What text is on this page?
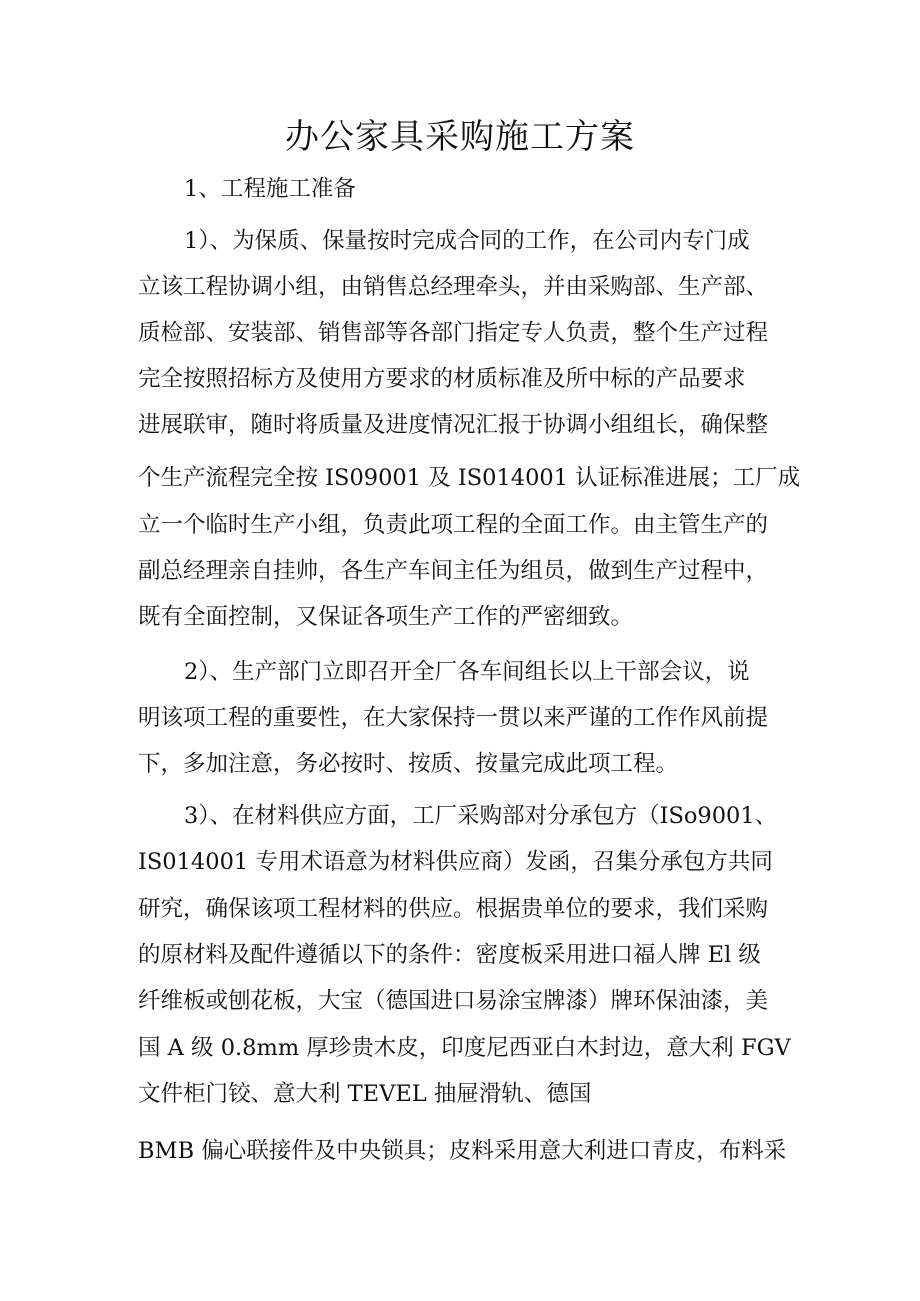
办公家具采购施工方案

1、工程施工准备

1）、为保质、保量按时完成合同的工作，在公司内专门成

立该工程协调小组，由销售总经理牵头，并由采购部、生产部、

质检部、安装部、销售部等各部门指定专人负责，整个生产过程

完全按照招标方及使用方要求的材质标准及所中标的产品要求

进展联审，随时将质量及进度情况汇报于协调小组组长，确保整

个生产流程完全按 IS09001 及 IS014001 认证标准进展；工厂成

立一个临时生产小组，负责此项工程的全面工作。由主管生产的

副总经理亲自挂帅，各生产车间主任为组员，做到生产过程中，

既有全面控制，又保证各项生产工作的严密细致。

2）、生产部门立即召开全厂各车间组长以上干部会议，说

明该项工程的重要性，在大家保持一贯以来严谨的工作作风前提

下，多加注意，务必按时、按质、按量完成此项工程。

3）、在材料供应方面，工厂采购部对分承包方（ISo9001、

IS014001 专用术语意为材料供应商）发函，召集分承包方共同

研究，确保该项工程材料的供应。根据贵单位的要求，我们采购

的原材料及配件遵循以下的条件：密度板采用进口福人牌 El 级

纤维板或刨花板，大宝（德国进口易涂宝牌漆）牌环保油漆，美

国 A 级 0.8mm 厚珍贵木皮，印度尼西亚白木封边，意大利 FGV

文件柜门铰、意大利 TEVEL 抽屉滑轨、德国

BMB 偏心联接件及中央锁具；皮料采用意大利进口青皮，布料采
